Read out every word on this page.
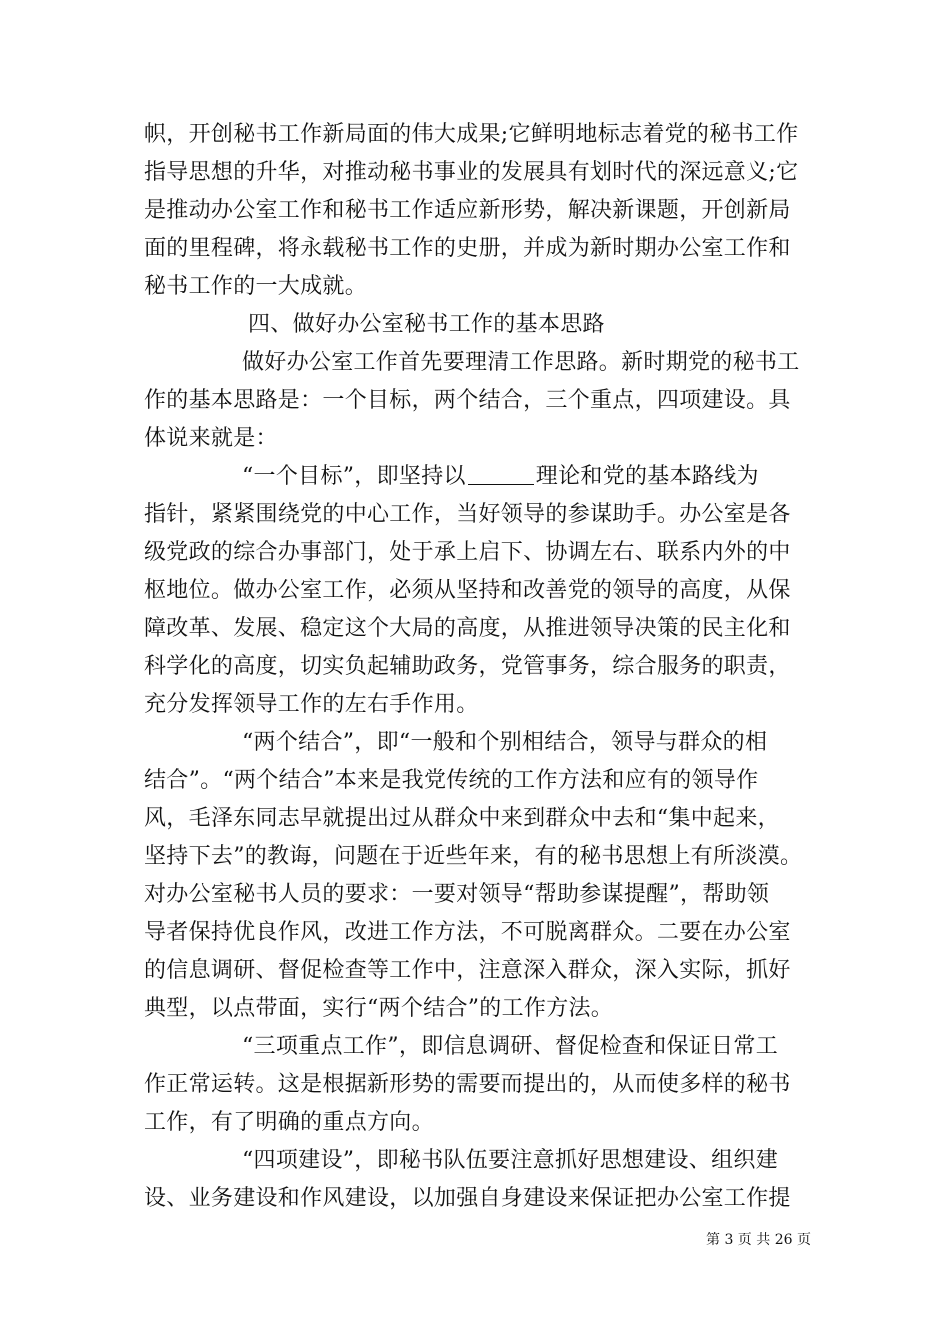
帜，开创秘书工作新局面的伟大成果;它鲜明地标志着党的秘书工作
指导思想的升华，对推动秘书事业的发展具有划时代的深远意义;它
是推动办公室工作和秘书工作适应新形势，解决新课题，开创新局
面的里程碑，将永载秘书工作的史册，并成为新时期办公室工作和
秘书工作的一大成就。
四、做好办公室秘书工作的基本思路
做好办公室工作首先要理清工作思路。新时期党的秘书工
作的基本思路是：一个目标，两个结合，三个重点，四项建设。具
体说来就是：
“一个目标”，即坚持以	理论和党的基本路线为
指针，紧紧围绕党的中心工作，当好领导的参谋助手。办公室是各
级党政的综合办事部门，处于承上启下、协调左右、联系内外的中
枢地位。做办公室工作，必须从坚持和改善党的领导的高度，从保
障改革、发展、稳定这个大局的高度，从推进领导决策的民主化和
科学化的高度，切实负起辅助政务，党管事务，综合服务的职责，
充分发挥领导工作的左右手作用。
“两个结合”，即“一般和个别相结合，领导与群众的相
结合”。“两个结合”本来是我党传统的工作方法和应有的领导作
风，毛泽东同志早就提出过从群众中来到群众中去和“集中起来，
坚持下去”的教诲，问题在于近些年来，有的秘书思想上有所淡漠。
对办公室秘书人员的要求：一要对领导“帮助参谋提醒”，帮助领
导者保持优良作风，改进工作方法，不可脱离群众。二要在办公室
的信息调研、督促检查等工作中，注意深入群众，深入实际，抓好
典型，以点带面，实行“两个结合”的工作方法。
“三项重点工作”，即信息调研、督促检查和保证日常工
作正常运转。这是根据新形势的需要而提出的，从而使多样的秘书
工作，有了明确的重点方向。
“四项建设”，即秘书队伍要注意抓好思想建设、组织建
设、业务建设和作风建设，以加强自身建设来保证把办公室工作提
第 3 页 共 26 页
